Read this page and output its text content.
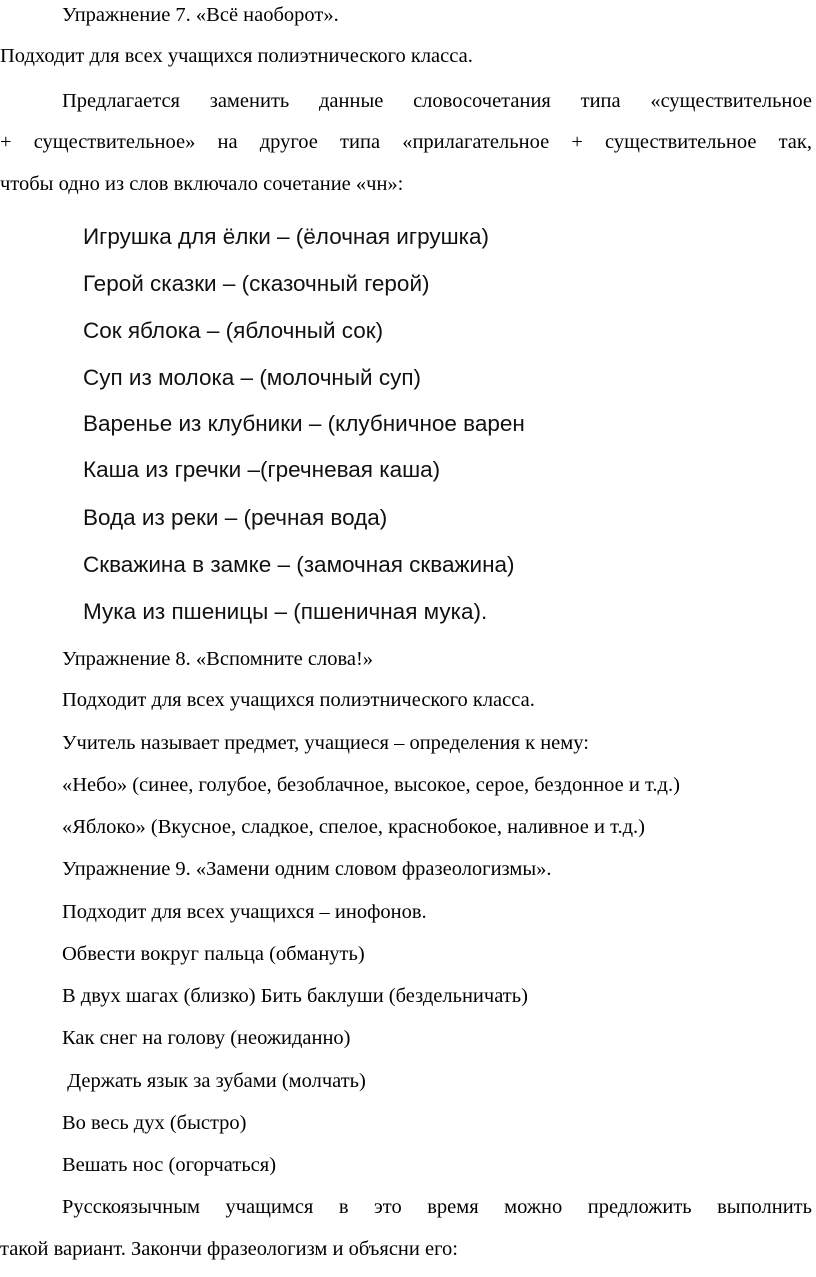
Упражнение 7. «Всё наоборот».
Подходит для всех учащихся полиэтнического класса.
Предлагается заменить данные словосочетания типа «существительное
+ существительное» на другое типа «прилагательное + существительное так,
чтобы одно из слов включало сочетание «чн»:
Игрушка для ёлки – (ёлочная игрушка)
Герой сказки – (сказочный герой)
Сок яблока – (яблочный сок)
Суп из молока – (молочный суп)
Варенье из клубники – (клубничное варен
Каша из гречки –(гречневая каша)
Вода из реки – (речная вода)
Скважина в замке – (замочная скважина)
Мука из пшеницы – (пшеничная мука).
Упражнение 8. «Вспомните слова!»
Подходит для всех учащихся полиэтнического класса.
Учитель называет предмет, учащиеся – определения к нему:
«Небо» (синее, голубое, безоблачное, высокое, серое, бездонное и т.д.)
«Яблоко» (Вкусное, сладкое, спелое, краснобокое, наливное и т.д.)
Упражнение 9. «Замени одним словом фразеологизмы».
Подходит для всех учащихся – инофонов.
Обвести вокруг пальца (обмануть)
В двух шагах (близко) Бить баклуши (бездельничать)
Как снег на голову (неожиданно)
Держать язык за зубами (молчать)
Во весь дух (быстро)
Вешать нос (огорчаться)
Русскоязычным учащимся в это время можно предложить выполнить
такой вариант. Закончи фразеологизм и объясни его:
